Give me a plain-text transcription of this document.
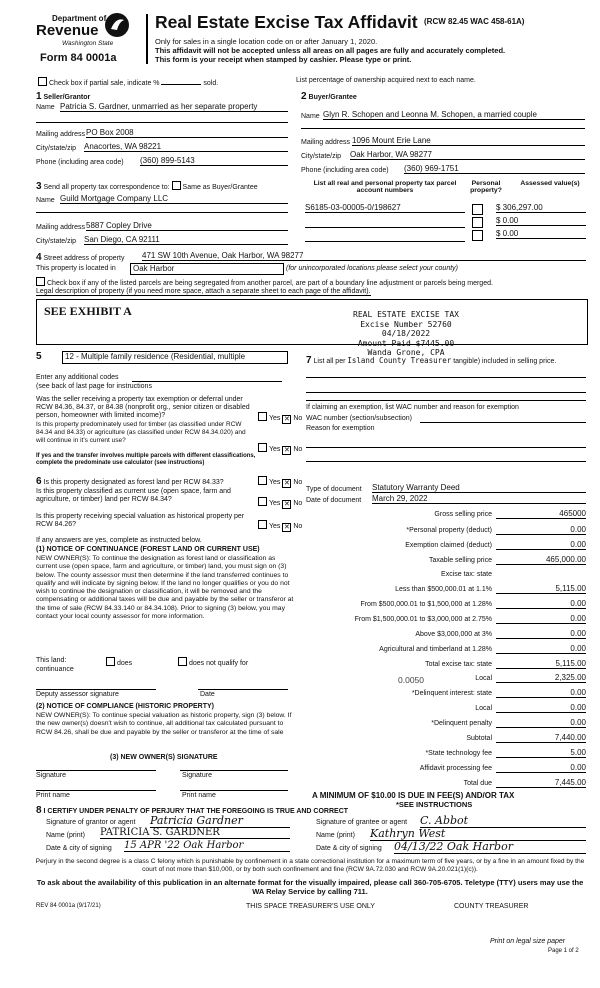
Department of
Revenue
Washington State
Form 84 0001a
Real Estate Excise Tax Affidavit (RCW 82.45 WAC 458-61A)
Only for sales in a single location code on or after January 1, 2020.
This affidavit will not be accepted unless all areas on all pages are fully and accurately completed.
This form is your receipt when stamped by cashier. Please type or print.
Check box if partial sale, indicate %	sold.	List percentage of ownership acquired next to each name.
1 Seller/Grantor
Name Patricia S. Gardner, unmarried as her separate property
Mailing address PO Box 2008
City/state/zip Anacortes, WA 98221
Phone (including area code) (360) 899-5143
2 Buyer/Grantee
Name Glyn R. Schopen and Leonna M. Schopen, a married couple
Mailing address 1096 Mount Erie Lane
City/state/zip Oak Harbor, WA 98277
Phone (including area code) (360) 969-1751
3 Send all property tax correspondence to: Same as Buyer/Grantee
Name Guild Mortgage Company LLC
Mailing address 5887 Copley Drive
City/state/zip San Diego, CA 92111
List all real and personal property tax parcel account numbers
Personal property?
Assessed value(s)
S6185-03-00005-0/198627	$ 306,297.00
$ 0.00
$ 0.00
4 Street address of property 471 SW 10th Avenue, Oak Harbor, WA 98277
This property is located in	Oak Harbor	(for unincorporated locations please select your county)
Check box if any of the listed parcels are being segregated from another parcel, are part of a boundary line adjustment or parcels being merged.
Legal description of property (if you need more space, attach a separate sheet to each page of the affidavit).
SEE EXHIBIT A	REAL ESTATE EXCISE TAX
Excise Number 52760
04/18/2022
Amount Paid $7445.00
Wanda Grone, CPA
5	12 - Multiple family residence (Residential, multiple
Enter any additional codes
(see back of last page for instructions
Was the seller receiving a property tax exemption or deferral under RCW 84.36, 84.37, or 84.38 (nonprofit org., senior citizen or disabled person, homeowner with limited income)?	Yes ✕ No
Is this property predominately used for timber (as classified under RCW 84.34 and 84.33) or agriculture (as classified under RCW 84.34.020) and will continue in it's current use?
If yes and the transfer involves multiple parcels with different classifications, complete the predominate use calculator (see instructions)
Yes ✕ No
7 List all per Island County Treasurer tangible) included in selling price.
If claiming an exemption, list WAC number and reason for exemption
WAC number (section/subsection)
Reason for exemption
6 Is this property designated as forest land per RCW 84.33?	Yes ✕ No
Is this property classified as current use (open space, farm and agriculture, or timber) land per RCW 84.34?
Yes ✕ No
Is this property receiving special valuation as historical property per RCW 84.26?	Yes ✕ No
If any answers are yes, complete as instructed below.
(1) NOTICE OF CONTINUANCE (FOREST LAND OR CURRENT USE)
NEW OWNER(S): To continue the designation as forest land or classification as current use (open space, farm and agriculture, or timber) land, you must sign on (3) below. The county assessor must then determine if the land transferred continues to qualify and will indicate by signing below. If the land no longer qualifies or you do not wish to continue the designation or classification, it will be removed and the compensating or additional taxes will be due and payable by the seller or transferor at the time of sale (RCW 84.33.140 or 84.34.108). Prior to signing (3) below, you may contact your local county assessor for more information.
This land:
continuance
does	does not qualify for
Deputy assessor signature	Date
(2) NOTICE OF COMPLIANCE (HISTORIC PROPERTY)
NEW OWNER(S): To continue special valuation as historic property, sign (3) below. If the new owner(s) doesn't wish to continue, all additional tax calculated pursuant to RCW 84.26, shall be due and payable by the seller or transferor at the time of sale
(3) NEW OWNER(S) SIGNATURE
Signature	Signature
Print name	Print name
Type of document Statutory Warranty Deed
Date of document March 29, 2022
Gross selling price	465000
*Personal property (deduct)	0.00
Exemption claimed (deduct)	0.00
Taxable selling price	465,000.00
Excise tax: state
Less than $500,000.01 at 1.1%	5,115.00
From $500,000.01 to $1,500,000 at 1.28%	0.00
From $1,500,000.01 to $3,000,000 at 2.75%	0.00
Above $3,000,000 at 3%	0.00
Agricultural and timberland at 1.28%	0.00
Total excise tax: state	5,115.00
0.0050	Local	2,325.00
*Delinquent interest: state	0.00
Local	0.00
*Delinquent penalty	0.00
Subtotal	7,440.00
*State technology fee	5.00
Affidavit processing fee	0.00
Total due	7,445.00
A MINIMUM OF $10.00 IS DUE IN FEE(S) AND/OR TAX
*SEE INSTRUCTIONS
8 I CERTIFY UNDER PENALTY OF PERJURY THAT THE FOREGOING IS TRUE AND CORRECT
Signature of grantor or agent Patricia Gardner
Name (print) PATRICIA S. GARDNER
Date & city of signing 15 APR '22 Oak Harbor
Signature of grantee or agent C. Abbot
Name (print) Kathryn West
Date & city of signing 04/13/22 Oak Harbor
Perjury in the second degree is a class C felony which is punishable by confinement in a state correctional institution for a maximum term of five years, or by a fine in an amount fixed by the court of not more than $10,000, or by both such confinement and fine (RCW 9A.72.030 and RCW 9A.20.021(1)(c)).
To ask about the availability of this publication in an alternate format for the visually impaired, please call 360-705-6705. Teletype (TTY) users may use the WA Relay Service by calling 711.
REV 84 0001a (9/17/21)	THIS SPACE TREASURER'S USE ONLY	COUNTY TREASURER
Print on legal size paper
Page 1 of 2
